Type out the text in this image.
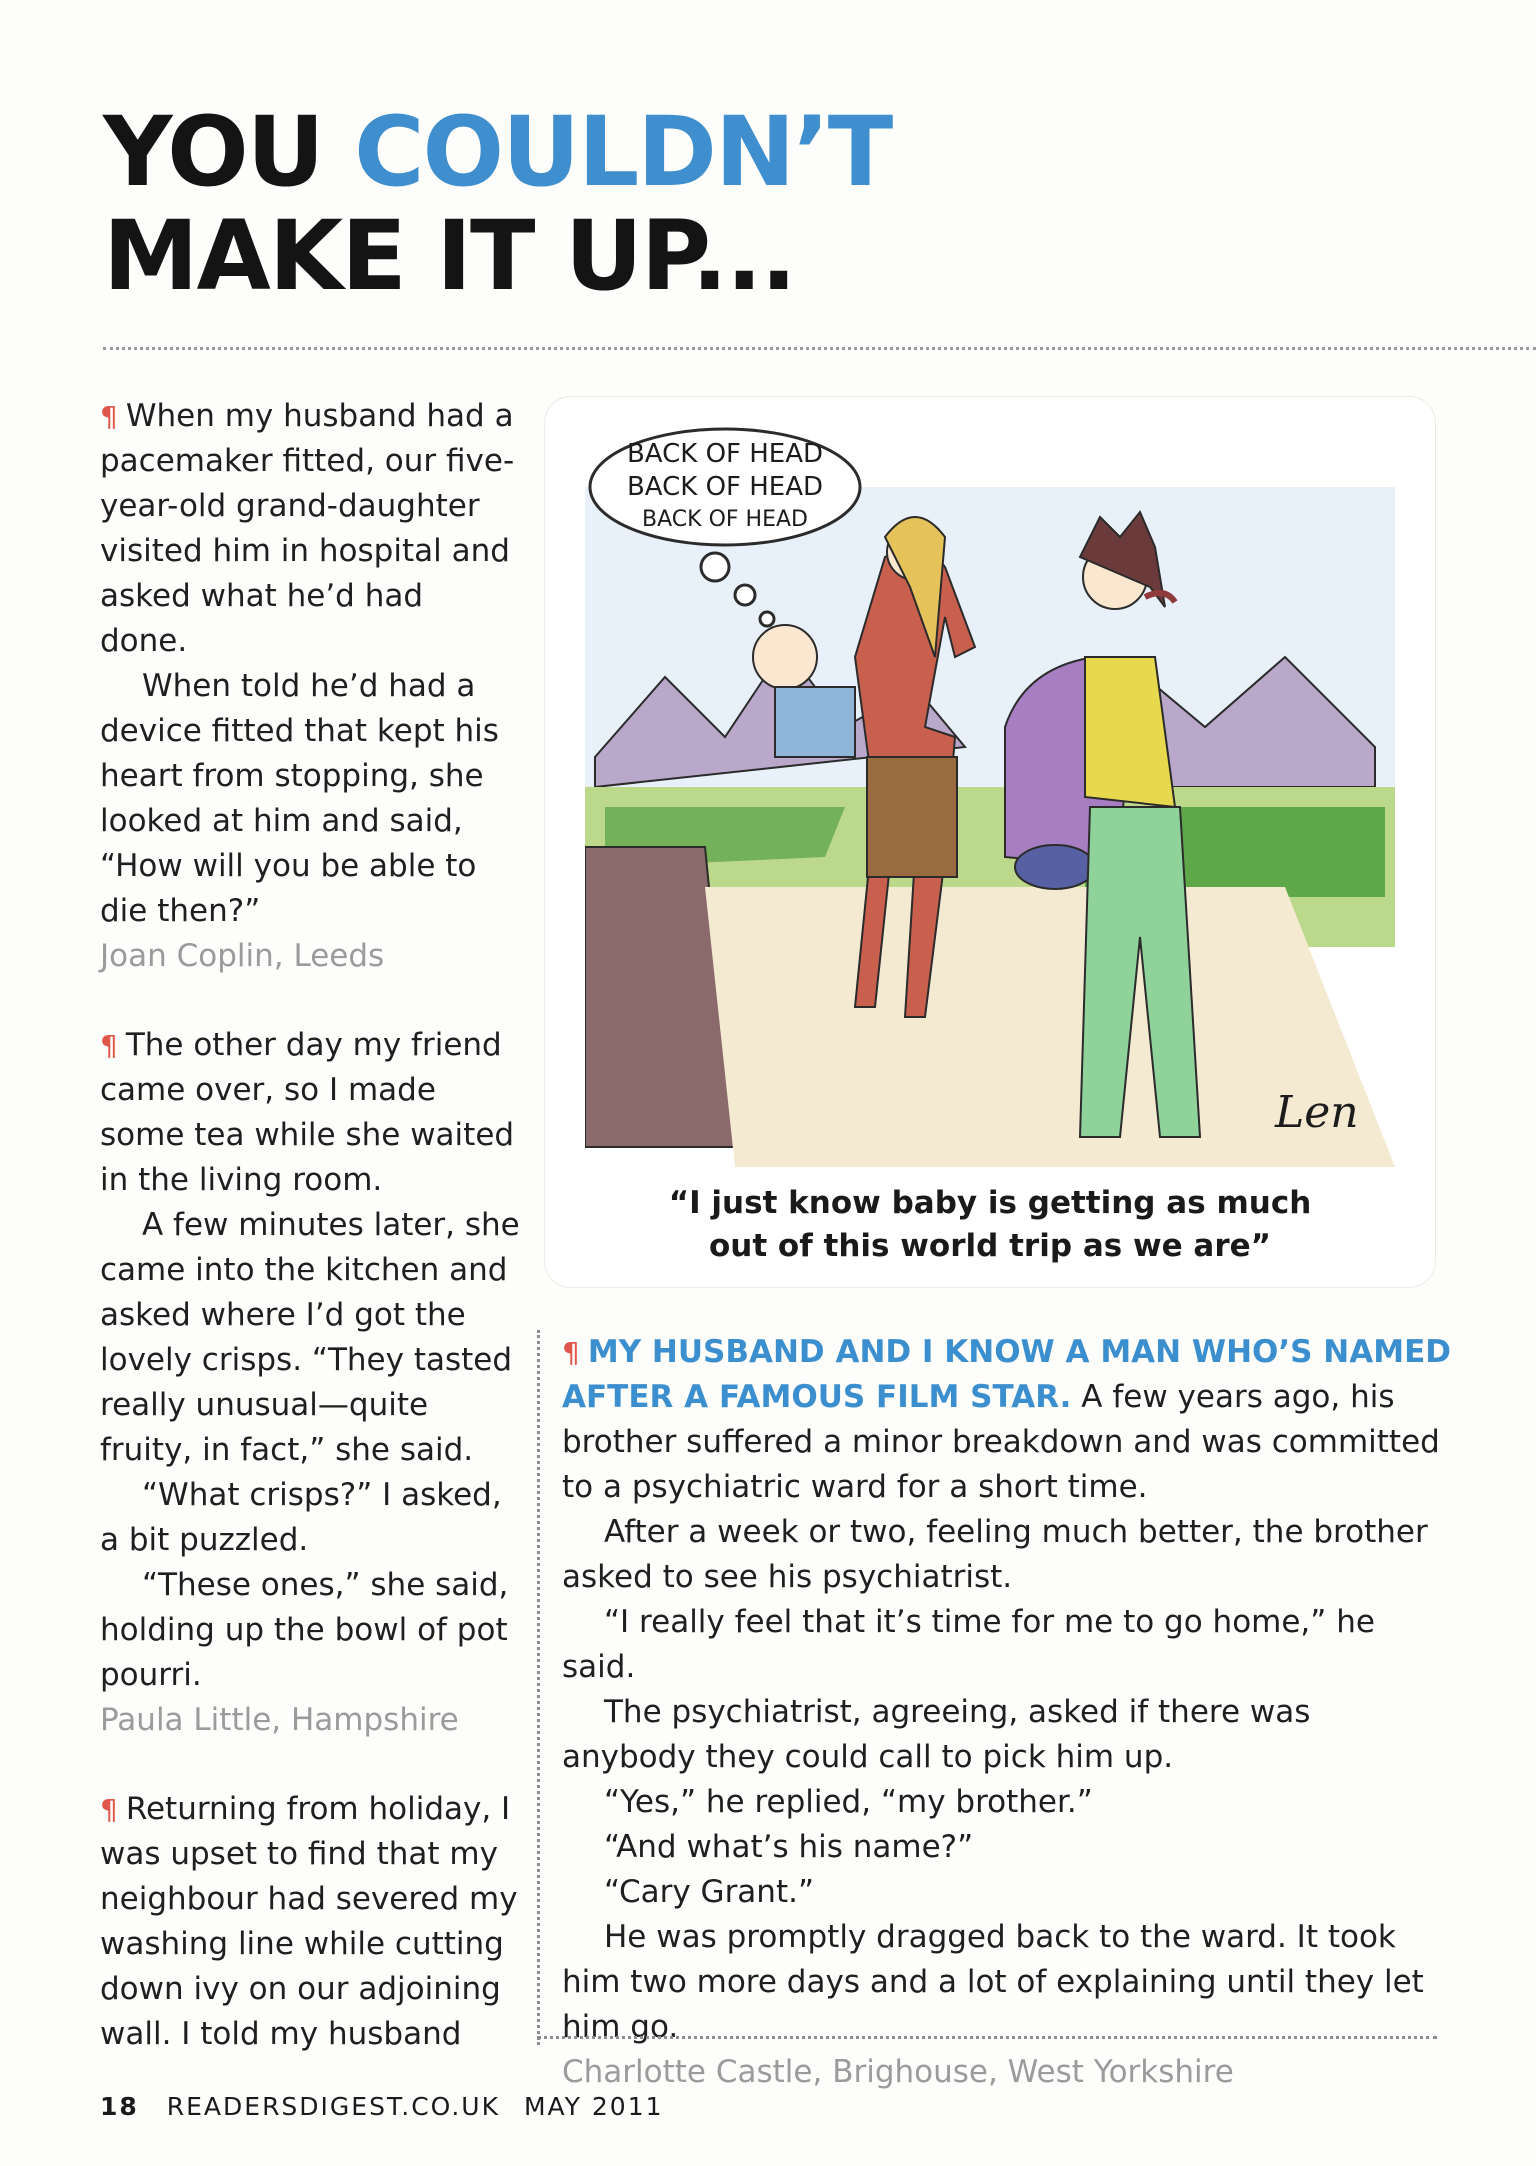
YOU COULDN’T
MAKE IT UP...

¶ When my husband had a pacemaker fitted, our five-year-old grand-daughter visited him in hospital and asked what he’d had done.

When told he’d had a device fitted that kept his heart from stopping, she looked at him and said, “How will you be able to die then?”

Joan Coplin, Leeds

¶ The other day my friend came over, so I made some tea while she waited in the living room.

A few minutes later, she came into the kitchen and asked where I’d got the lovely crisps. “They tasted really unusual—quite fruity, in fact,” she said.

“What crisps?” I asked, a bit puzzled.

“These ones,” she said, holding up the bowl of pot pourri.

Paula Little, Hampshire

¶ Returning from holiday, I was upset to find that my neighbour had severed my washing line while cutting down ivy on our adjoining wall. I told my husband

BACK OF HEAD
BACK OF HEAD
BACK OF HEAD
Len
“I just know baby is getting as much
out of this world trip as we are”

¶ MY HUSBAND AND I KNOW A MAN WHO’S NAMED AFTER A FAMOUS FILM STAR. A few years ago, his brother suffered a minor breakdown and was committed to a psychiatric ward for a short time.

After a week or two, feeling much better, the brother asked to see his psychiatrist.

“I really feel that it’s time for me to go home,” he said.

The psychiatrist, agreeing, asked if there was anybody they could call to pick him up.

“Yes,” he replied, “my brother.”

“And what’s his name?”

“Cary Grant.”

He was promptly dragged back to the ward. It took him two more days and a lot of explaining until they let him go.

Charlotte Castle, Brighouse, West Yorkshire

18 READERSDIGEST.CO.UK MAY 2011
